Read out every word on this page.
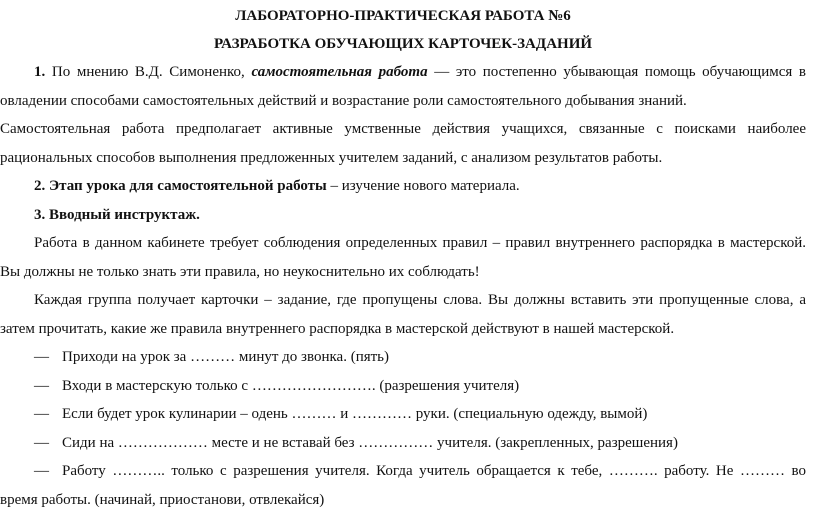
ЛАБОРАТОРНО-ПРАКТИЧЕСКАЯ РАБОТА №6
РАЗРАБОТКА ОБУЧАЮЩИХ КАРТОЧЕК-ЗАДАНИЙ

1. По мнению В.Д. Симоненко, самостоятельная работа — это постепенно убывающая помощь обучающимся в овладении способами самостоятельных действий и возрастание роли самостоятельного добывания знаний.

Самостоятельная работа предполагает активные умственные действия учащихся, связанные с поисками наиболее рациональных способов выполнения предложенных учителем заданий, с анализом результатов работы.

2. Этап урока для самостоятельной работы – изучение нового материала.

3. Вводный инструктаж.

Работа в данном кабинете требует соблюдения определенных правил – правил внутреннего распорядка в мастерской. Вы должны не только знать эти правила, но неукоснительно их соблюдать!

Каждая группа получает карточки – задание, где пропущены слова. Вы должны вставить эти пропущенные слова, а затем прочитать, какие же правила внутреннего распорядка в мастерской действуют в нашей мастерской.

— Приходи на урок за ……… минут до звонка. (пять)
— Входи в мастерскую только с ……………………. (разрешения учителя)
— Если будет урок кулинарии – одень ……… и ………… руки. (специальную одежду, вымой)
— Сиди на ……………… месте и не вставай без …………… учителя. (закрепленных, разрешения)
— Работу ……….. только с разрешения учителя. Когда учитель обращается к тебе, ………. работу. Не ……… во

время работы. (начинай, приостанови, отвлекайся)
